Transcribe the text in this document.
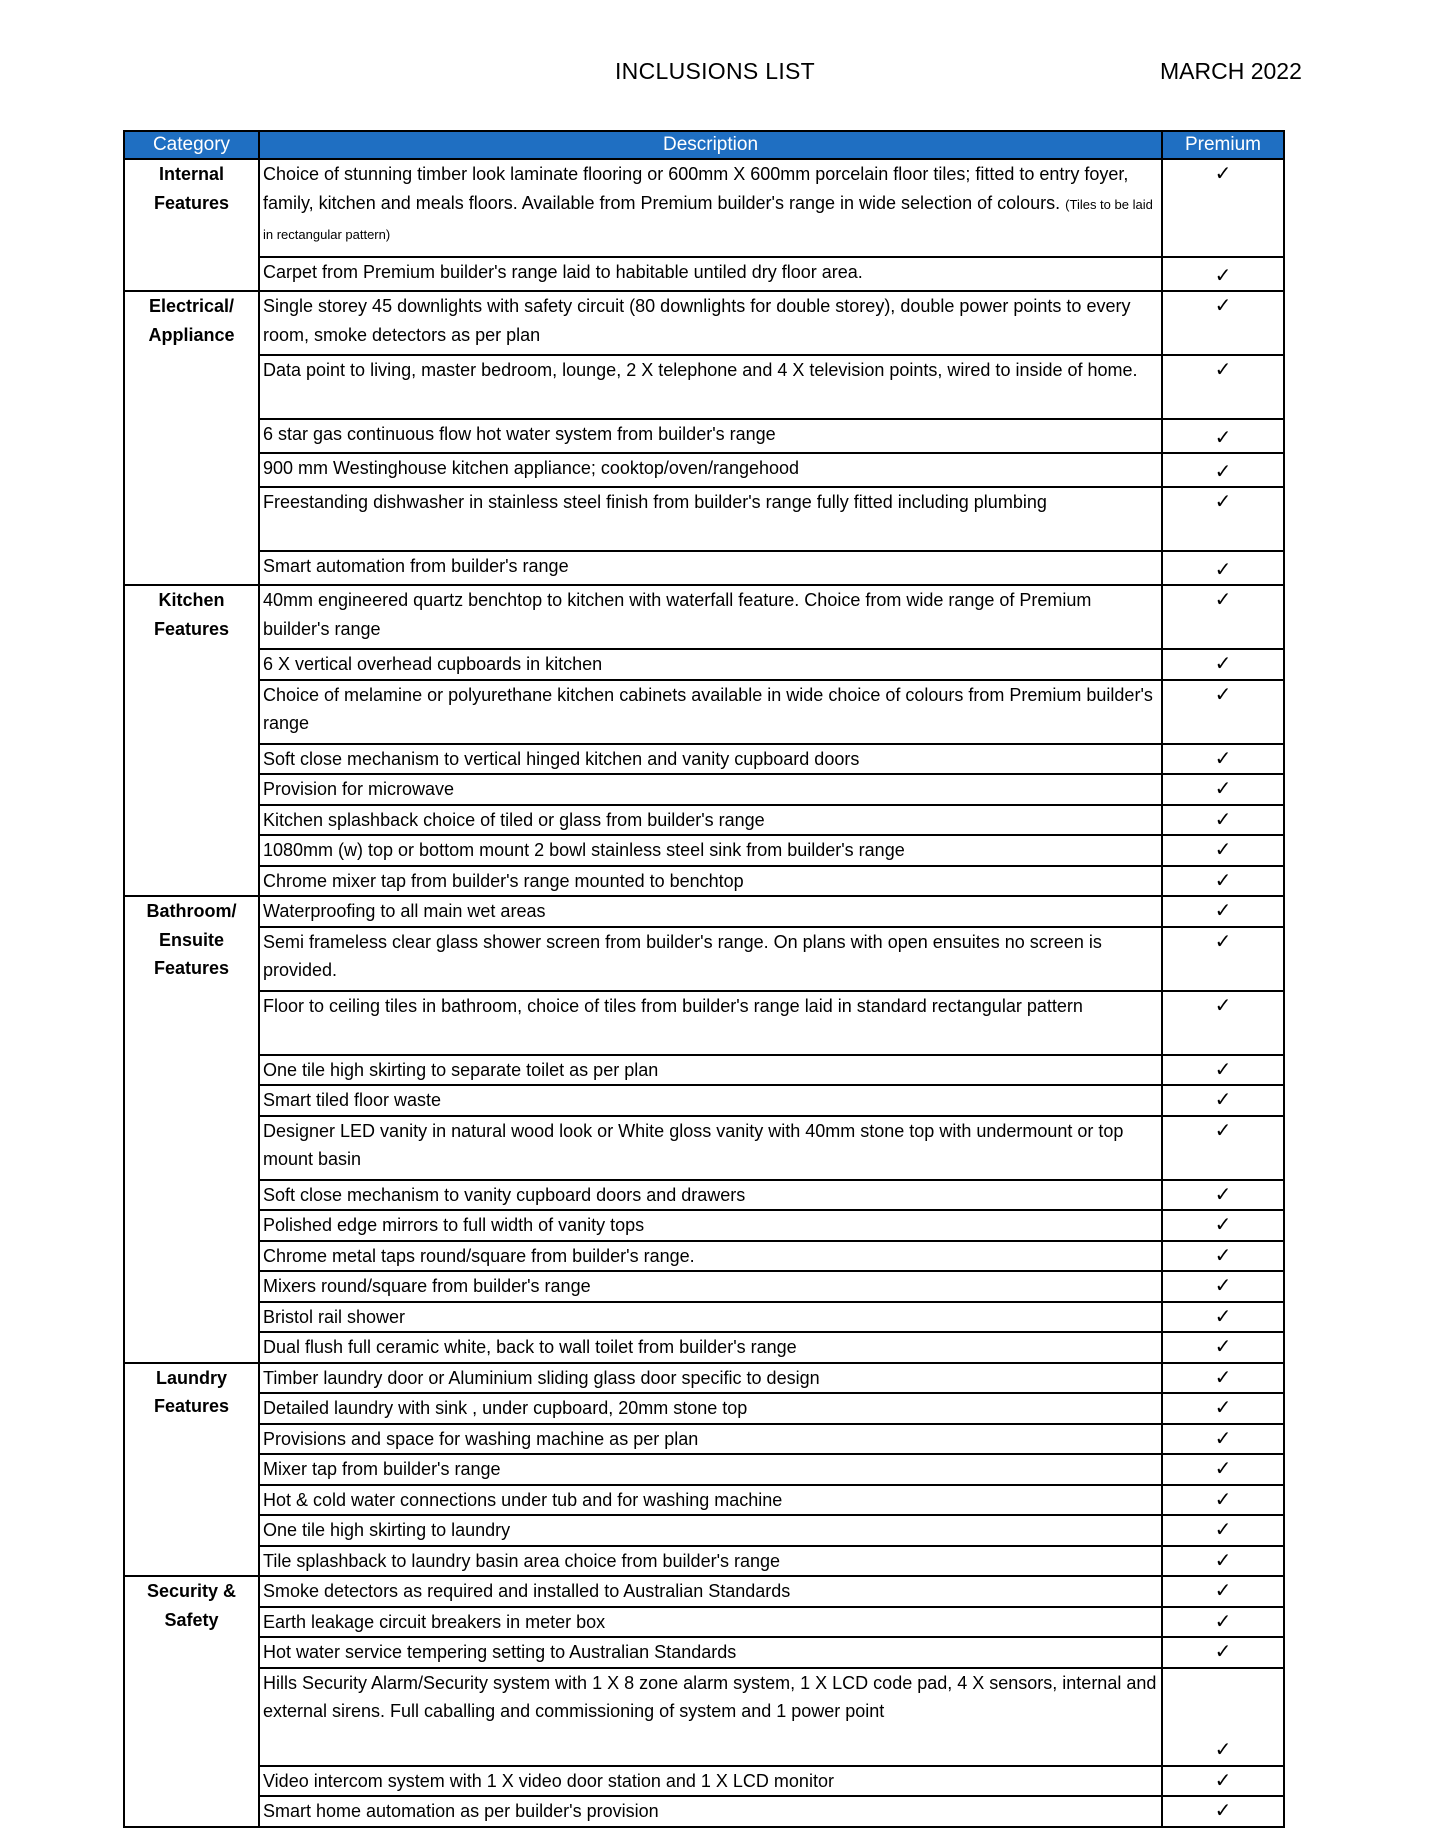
INCLUSIONS LIST	MARCH 2022
Category	Description	Premium
Internal Features	Choice of stunning timber look laminate flooring or 600mm X 600mm porcelain floor tiles; fitted to entry foyer, family, kitchen and meals floors. Available from Premium builder's range in wide selection of colours. (Tiles to be laid in rectangular pattern)	✓
	Carpet from Premium builder's range laid to habitable untiled dry floor area.	✓
Electrical/ Appliance	Single storey 45 downlights with safety circuit (80 downlights for double storey), double power points to every room, smoke detectors as per plan	✓
	Data point to living, master bedroom, lounge, 2 X telephone and 4 X television points, wired to inside of home.	✓
	6 star gas continuous flow hot water system from builder's range	✓
	900 mm Westinghouse kitchen appliance; cooktop/oven/rangehood	✓
	Freestanding dishwasher in stainless steel finish from builder's range fully fitted including plumbing	✓
	Smart automation from builder's range	✓
Kitchen Features	40mm engineered quartz benchtop to kitchen with waterfall feature. Choice from wide range of Premium builder's range	✓
	6 X vertical overhead cupboards in kitchen	✓
	Choice of melamine or polyurethane kitchen cabinets available in wide choice of colours from Premium builder's range	✓
	Soft close mechanism to vertical hinged kitchen and vanity cupboard doors	✓
	Provision for microwave	✓
	Kitchen splashback choice of tiled or glass from builder's range	✓
	1080mm (w) top or bottom mount 2 bowl stainless steel sink from builder's range	✓
	Chrome mixer tap from builder's range mounted to benchtop	✓
Bathroom/ Ensuite Features	Waterproofing to all main wet areas	✓
	Semi frameless clear glass shower screen from builder's range. On plans with open ensuites no screen is provided.	✓
	Floor to ceiling tiles in bathroom, choice of tiles from builder's range laid in standard rectangular pattern	✓
	One tile high skirting to separate toilet as per plan	✓
	Smart tiled floor waste	✓
	Designer LED vanity in natural wood look or White gloss vanity with 40mm stone top with undermount or top mount basin	✓
	Soft close mechanism to vanity cupboard doors and drawers	✓
	Polished edge mirrors to full width of vanity tops	✓
	Chrome metal taps round/square from builder's range.	✓
	Mixers round/square from builder's range	✓
	Bristol rail shower	✓
	Dual flush full ceramic white, back to wall toilet from builder's range	✓
Laundry Features	Timber laundry door or Aluminium sliding glass door specific to design	✓
	Detailed laundry with sink , under cupboard, 20mm stone top	✓
	Provisions and space for washing machine as per plan	✓
	Mixer tap from builder's range	✓
	Hot & cold water connections under tub and for washing machine	✓
	One tile high skirting to laundry	✓
	Tile splashback to laundry basin area choice from builder's range	✓
Security & Safety	Smoke detectors as required and installed to Australian Standards	✓
	Earth leakage circuit breakers in meter box	✓
	Hot water service tempering setting to Australian Standards	✓
	Hills Security Alarm/Security system with 1 X 8 zone alarm system, 1 X LCD code pad, 4 X sensors, internal and external sirens. Full caballing and commissioning of system and 1 power point	✓
	Video intercom system with 1 X video door station and 1 X LCD monitor	✓
	Smart home automation as per builder's provision	✓
